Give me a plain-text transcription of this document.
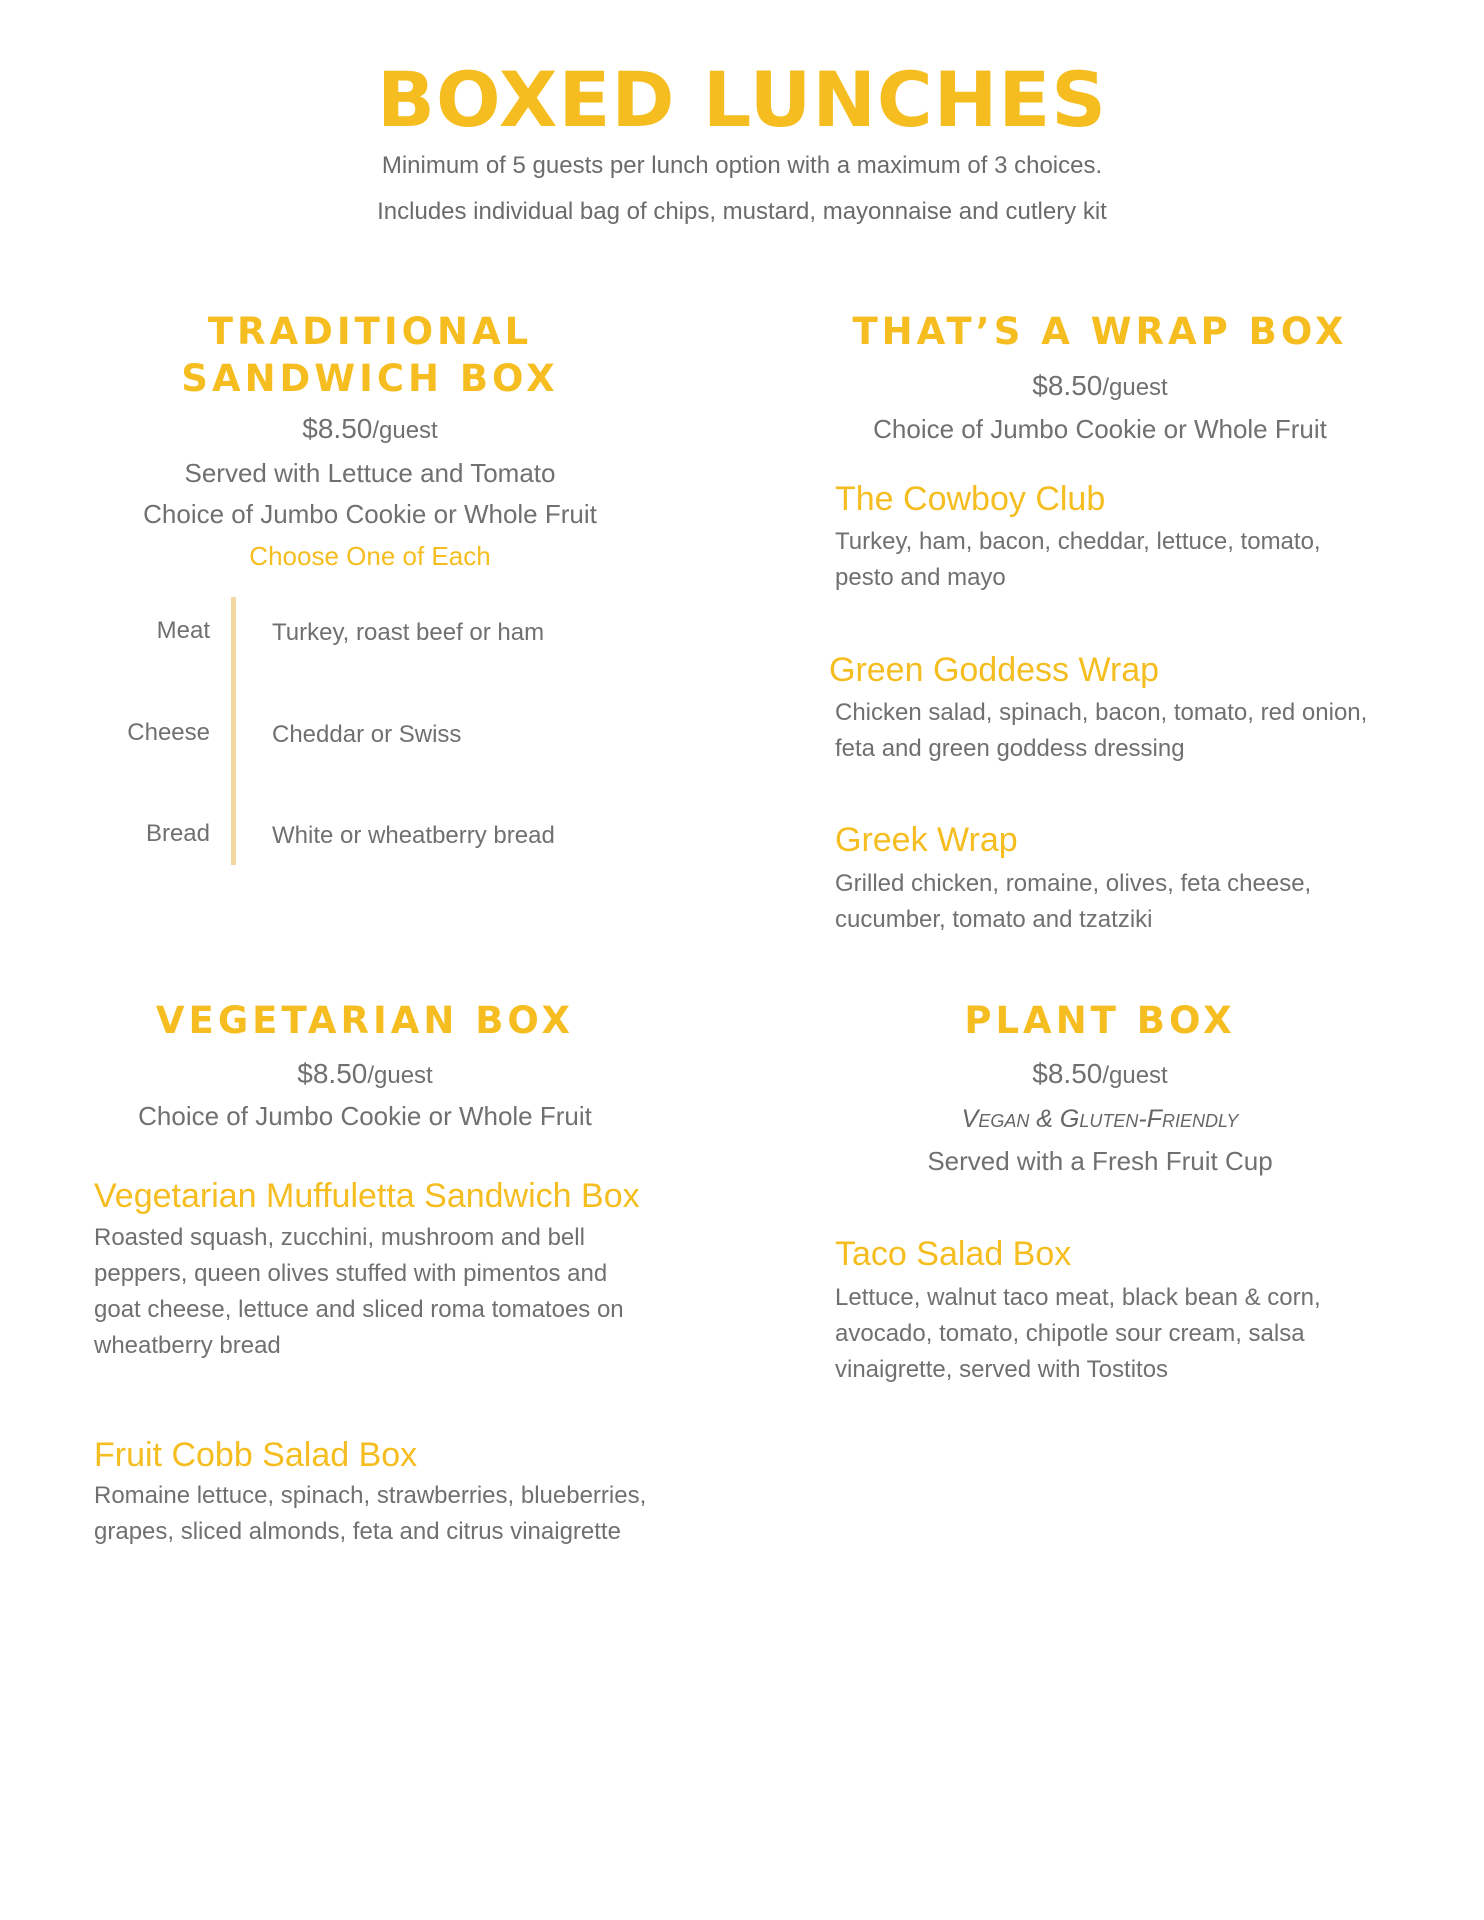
BOXED LUNCHES
Minimum of 5 guests per lunch option with a maximum of 3 choices.
Includes individual bag of chips, mustard, mayonnaise and cutlery kit
TRADITIONAL
SANDWICH BOX
$8.50/guest
Served with Lettuce and Tomato
Choice of Jumbo Cookie or Whole Fruit
Choose One of Each
Meat	Turkey, roast beef or ham
Cheese	Cheddar or Swiss
Bread	White or wheatberry bread
THAT’S A WRAP BOX
$8.50/guest
Choice of Jumbo Cookie or Whole Fruit
The Cowboy Club
Turkey, ham, bacon, cheddar, lettuce, tomato,
pesto and mayo
Green Goddess Wrap
Chicken salad, spinach, bacon, tomato, red onion,
feta and green goddess dressing
Greek Wrap
Grilled chicken, romaine, olives, feta cheese,
cucumber, tomato and tzatziki
VEGETARIAN BOX
$8.50/guest
Choice of Jumbo Cookie or Whole Fruit
Vegetarian Muffuletta Sandwich Box
Roasted squash, zucchini, mushroom and bell
peppers, queen olives stuffed with pimentos and
goat cheese, lettuce and sliced roma tomatoes on
wheatberry bread
Fruit Cobb Salad Box
Romaine lettuce, spinach, strawberries, blueberries,
grapes, sliced almonds, feta and citrus vinaigrette
PLANT BOX
$8.50/guest
Vegan & Gluten-Friendly
Served with a Fresh Fruit Cup
Taco Salad Box
Lettuce, walnut taco meat, black bean & corn,
avocado, tomato, chipotle sour cream, salsa
vinaigrette, served with Tostitos
